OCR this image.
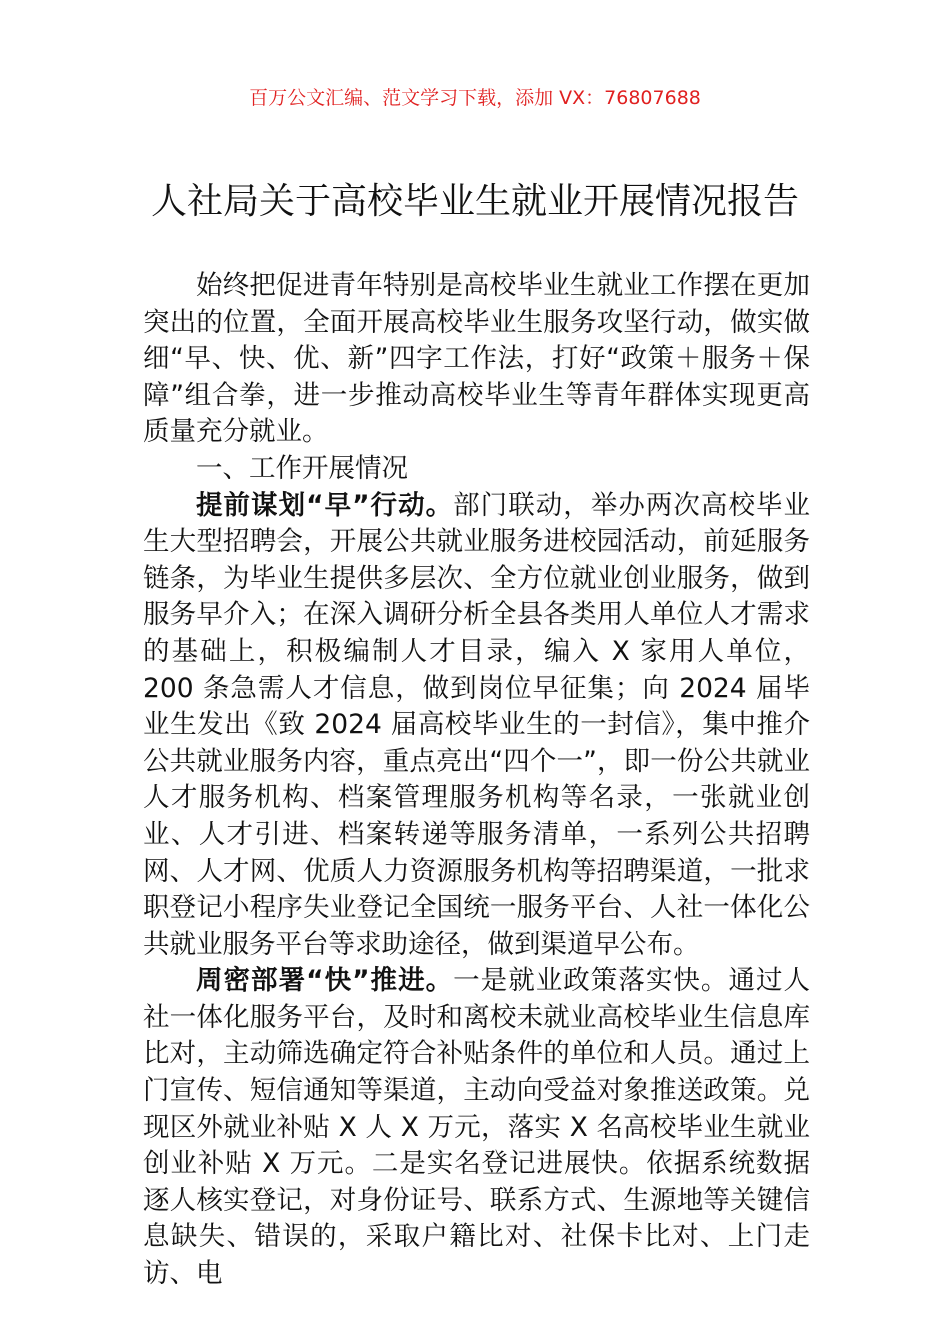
百万公文汇编、范文学习下载，添加 VX：76807688
人社局关于高校毕业生就业开展情况报告

始终把促进青年特别是高校毕业生就业工作摆在更加突出的位置，全面开展高校毕业生服务攻坚行动，做实做细“早、快、优、新”四字工作法，打好“政策＋服务＋保障”组合拳，进一步推动高校毕业生等青年群体实现更高质量充分就业。

一、工作开展情况

提前谋划“早”行动。部门联动，举办两次高校毕业生大型招聘会，开展公共就业服务进校园活动，前延服务链条，为毕业生提供多层次、全方位就业创业服务，做到服务早介入；在深入调研分析全县各类用人单位人才需求的基础上，积极编制人才目录，编入 X 家用人单位，200 条急需人才信息，做到岗位早征集；向 2024 届毕业生发出《致 2024 届高校毕业生的一封信》，集中推介公共就业服务内容，重点亮出“四个一”，即一份公共就业人才服务机构、档案管理服务机构等名录，一张就业创业、人才引进、档案转递等服务清单，一系列公共招聘网、人才网、优质人力资源服务机构等招聘渠道，一批求职登记小程序失业登记全国统一服务平台、人社一体化公共就业服务平台等求助途径，做到渠道早公布。

周密部署“快”推进。一是就业政策落实快。通过人社一体化服务平台，及时和离校未就业高校毕业生信息库比对，主动筛选确定符合补贴条件的单位和人员。通过上门宣传、短信通知等渠道，主动向受益对象推送政策。兑现区外就业补贴 X 人 X 万元，落实 X 名高校毕业生就业创业补贴 X 万元。二是实名登记进展快。依据系统数据逐人核实登记，对身份证号、联系方式、生源地等关键信息缺失、错误的，采取户籍比对、社保卡比对、上门走访、电
